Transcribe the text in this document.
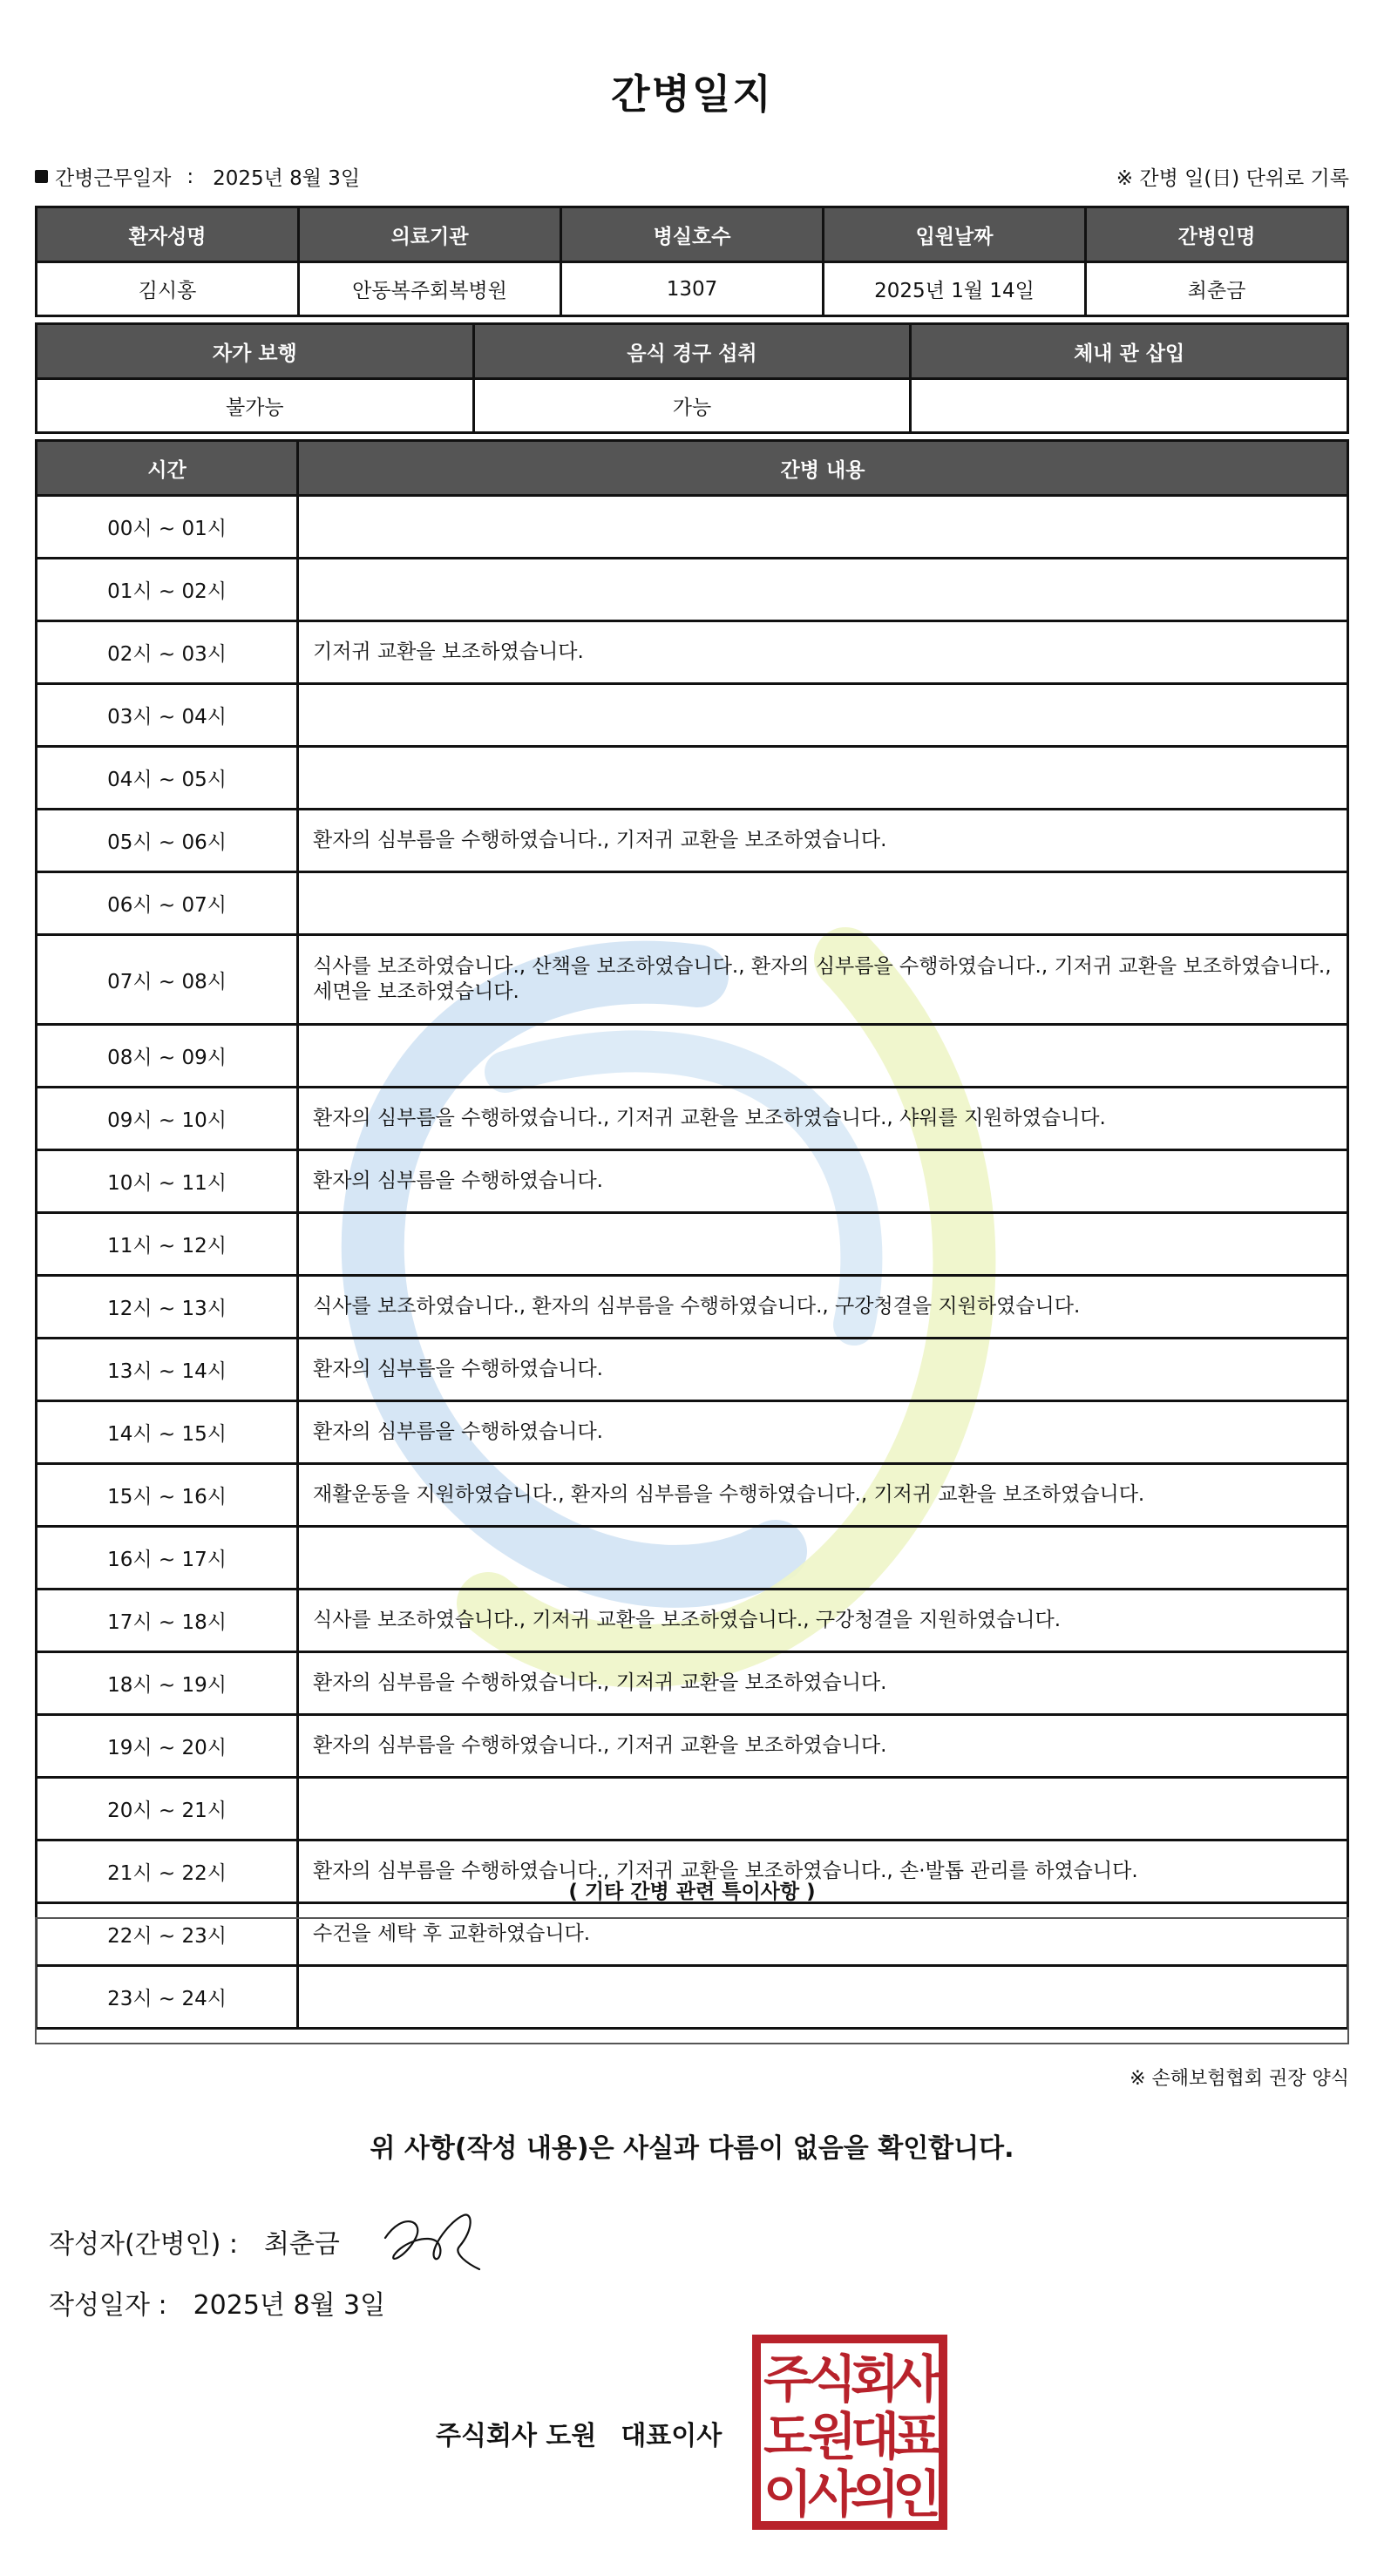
간병일지
간병근무일자 : 2025년 8월 3일	※ 간병 일(日) 단위로 기록
환자성명	의료기관	병실호수	입원날짜	간병인명
김시홍	안동복주회복병원	1307	2025년 1월 14일	최춘금
자가 보행	음식 경구 섭취	체내 관 삽입
불가능	가능	
시간	간병 내용
00시 ~ 01시	
01시 ~ 02시	
02시 ~ 03시	기저귀 교환을 보조하였습니다.
03시 ~ 04시	
04시 ~ 05시	
05시 ~ 06시	환자의 심부름을 수행하였습니다., 기저귀 교환을 보조하였습니다.
06시 ~ 07시	
07시 ~ 08시	식사를 보조하였습니다., 산책을 보조하였습니다., 환자의 심부름을 수행하였습니다., 기저귀 교환을 보조하였습니다., 세면을 보조하였습니다.
08시 ~ 09시	
09시 ~ 10시	환자의 심부름을 수행하였습니다., 기저귀 교환을 보조하였습니다., 샤워를 지원하였습니다.
10시 ~ 11시	환자의 심부름을 수행하였습니다.
11시 ~ 12시	
12시 ~ 13시	식사를 보조하였습니다., 환자의 심부름을 수행하였습니다., 구강청결을 지원하였습니다.
13시 ~ 14시	환자의 심부름을 수행하였습니다.
14시 ~ 15시	환자의 심부름을 수행하였습니다.
15시 ~ 16시	재활운동을 지원하였습니다., 환자의 심부름을 수행하였습니다., 기저귀 교환을 보조하였습니다.
16시 ~ 17시	
17시 ~ 18시	식사를 보조하였습니다., 기저귀 교환을 보조하였습니다., 구강청결을 지원하였습니다.
18시 ~ 19시	환자의 심부름을 수행하였습니다., 기저귀 교환을 보조하였습니다.
19시 ~ 20시	환자의 심부름을 수행하였습니다., 기저귀 교환을 보조하였습니다.
20시 ~ 21시	
21시 ~ 22시	환자의 심부름을 수행하였습니다., 기저귀 교환을 보조하였습니다., 손·발톱 관리를 하였습니다.
22시 ~ 23시	수건을 세탁 후 교환하였습니다.
23시 ~ 24시	
( 기타 간병 관련 특이사항 )
※ 손해보험협회 권장 양식
위 사항(작성 내용)은 사실과 다름이 없음을 확인합니다.
작성자(간병인) : 최춘금
작성일자 : 2025년 8월 3일
주식회사 도원 대표이사
주
식
회
사
도
원
대
표
이
사
의
인
